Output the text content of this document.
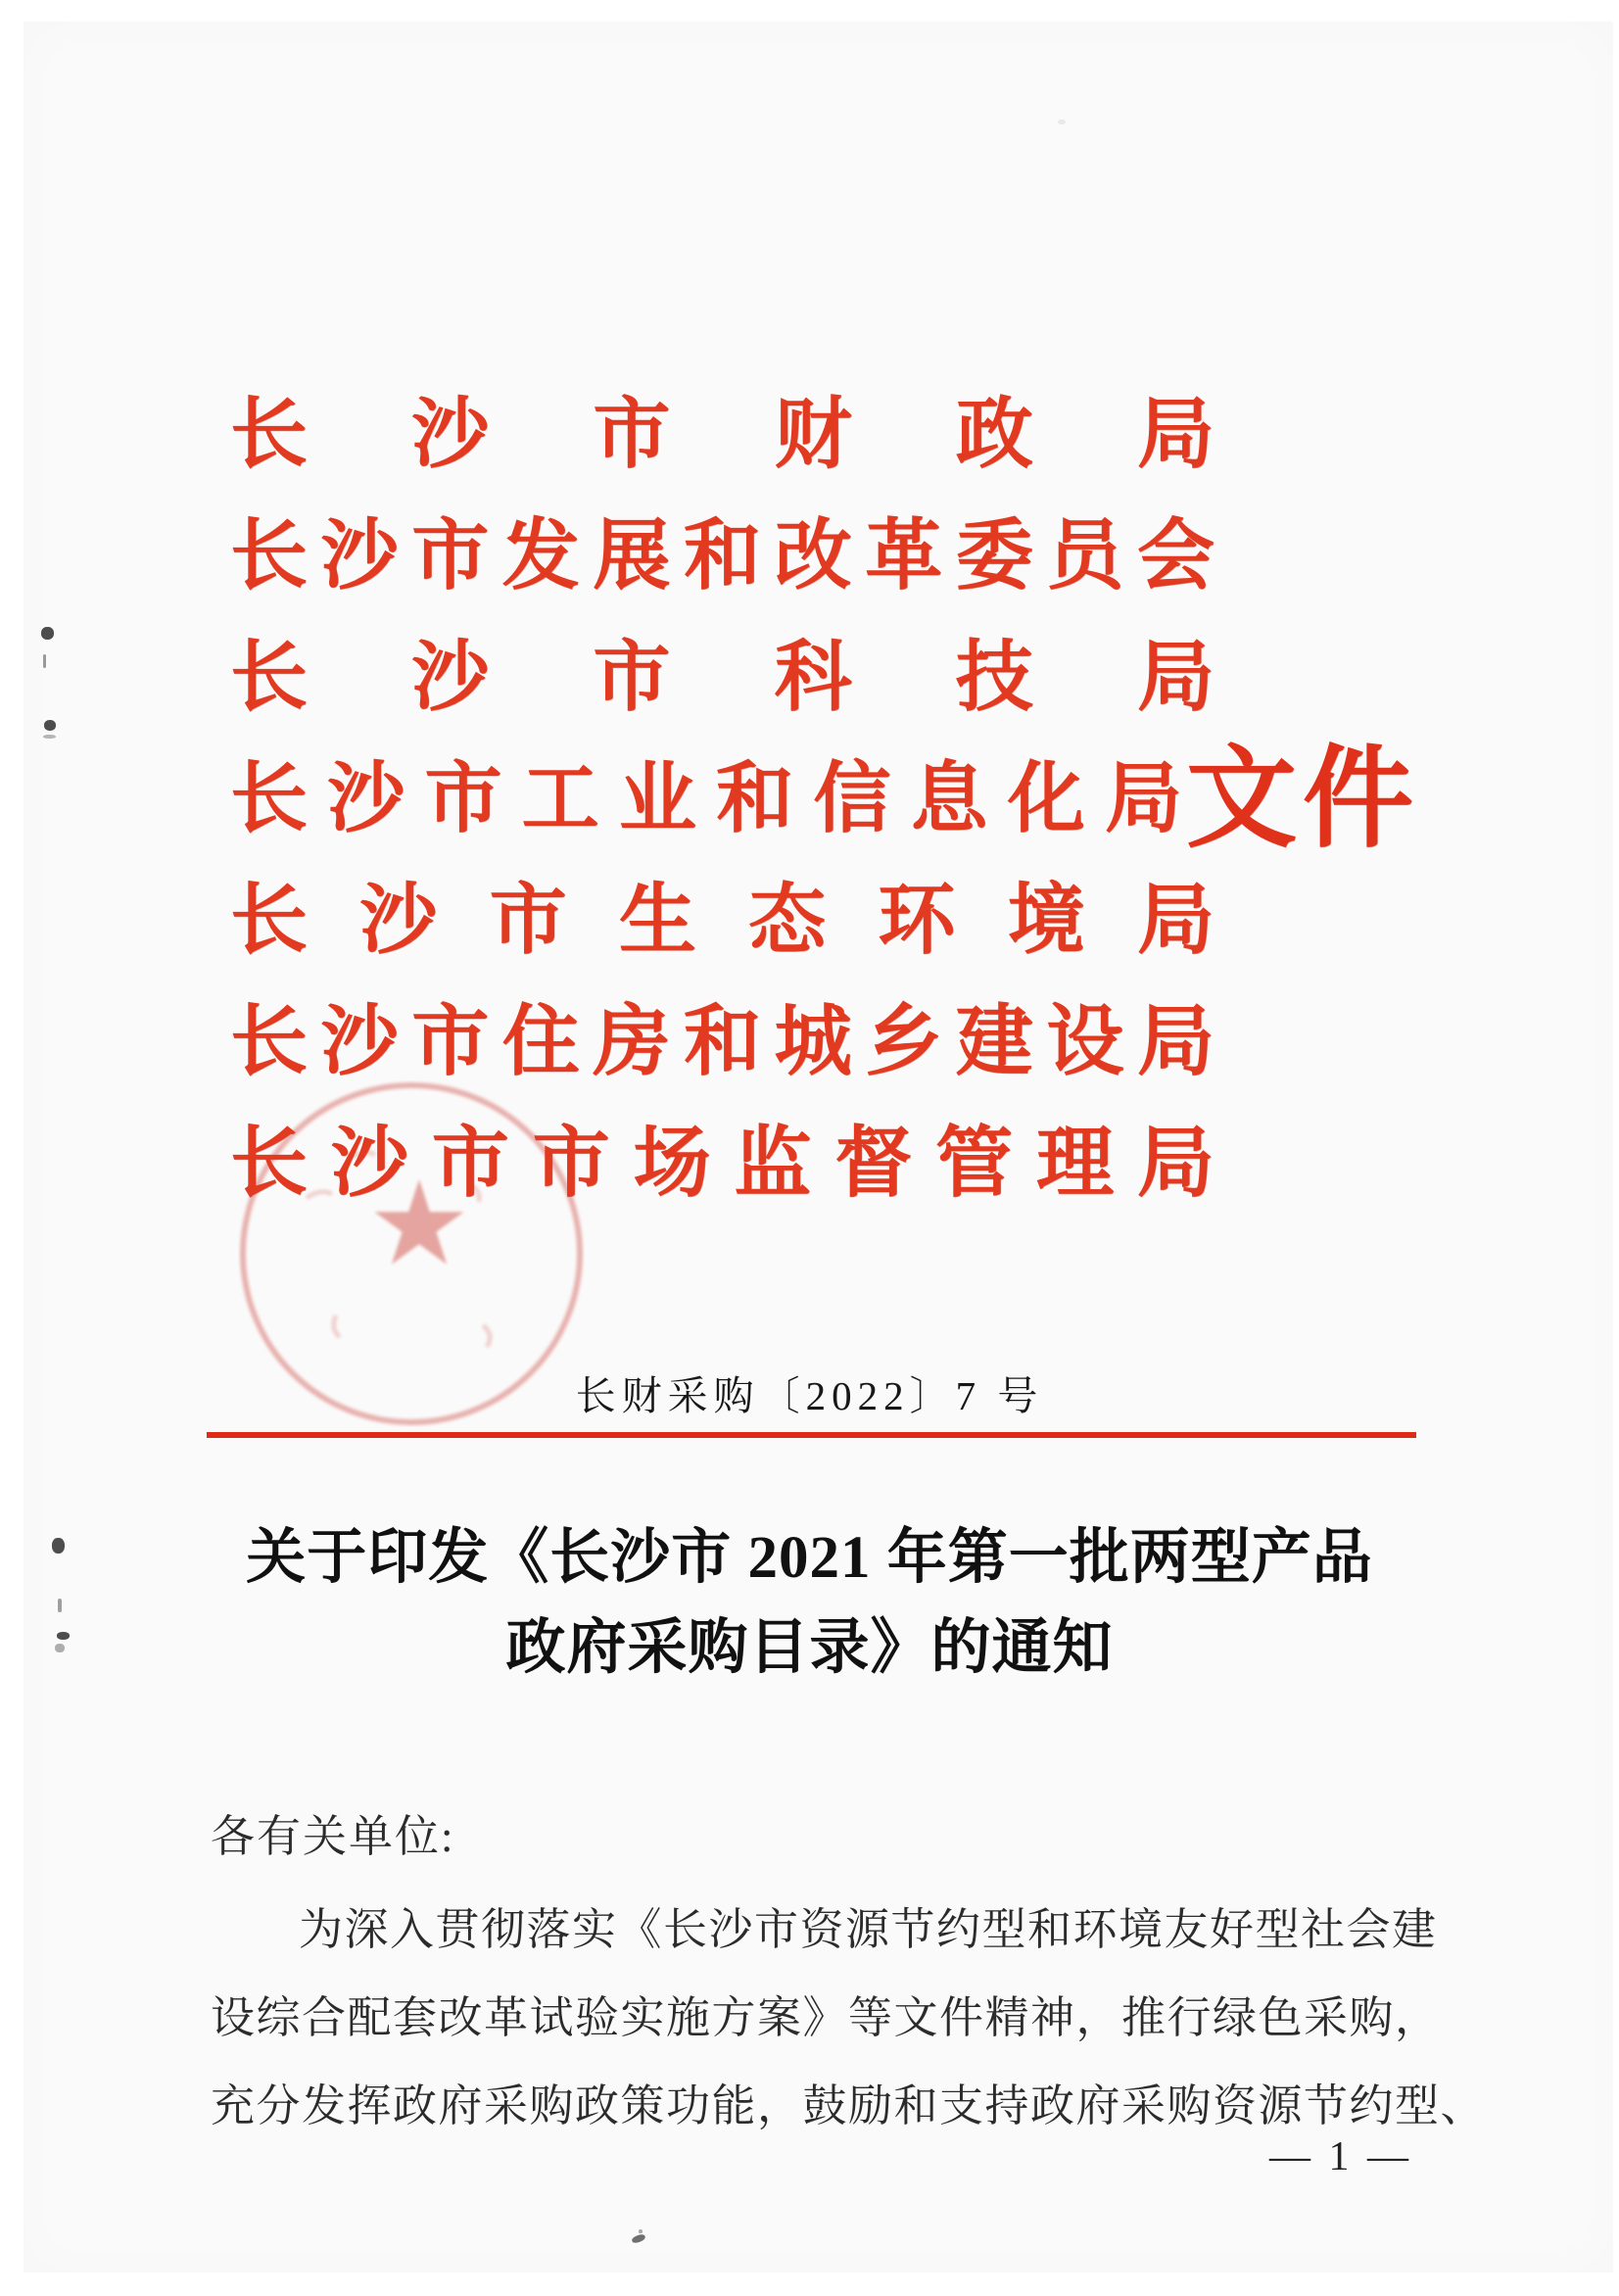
长 沙 市 财 政 局
长 沙 市 发 展 和 改 革 委 员 会
长 沙 市 科 技 局
长 沙 市 工 业 和 信 息 化 局 文件
长 沙 市 生 态 环 境 局
长 沙 市 住 房 和 城 乡 建 设 局
长 沙 市 市 场 监 督 管 理 局
长财采购〔2022〕7 号
关于印发《长沙市 2021 年第一批两型产品
政府采购目录》的通知
各有关单位:
为深入贯彻落实《长沙市资源节约型和环境友好型社会建
设综合配套改革试验实施方案》等文件精神，推行绿色采购，
充分发挥政府采购政策功能，鼓励和支持政府采购资源节约型、
— 1 —
